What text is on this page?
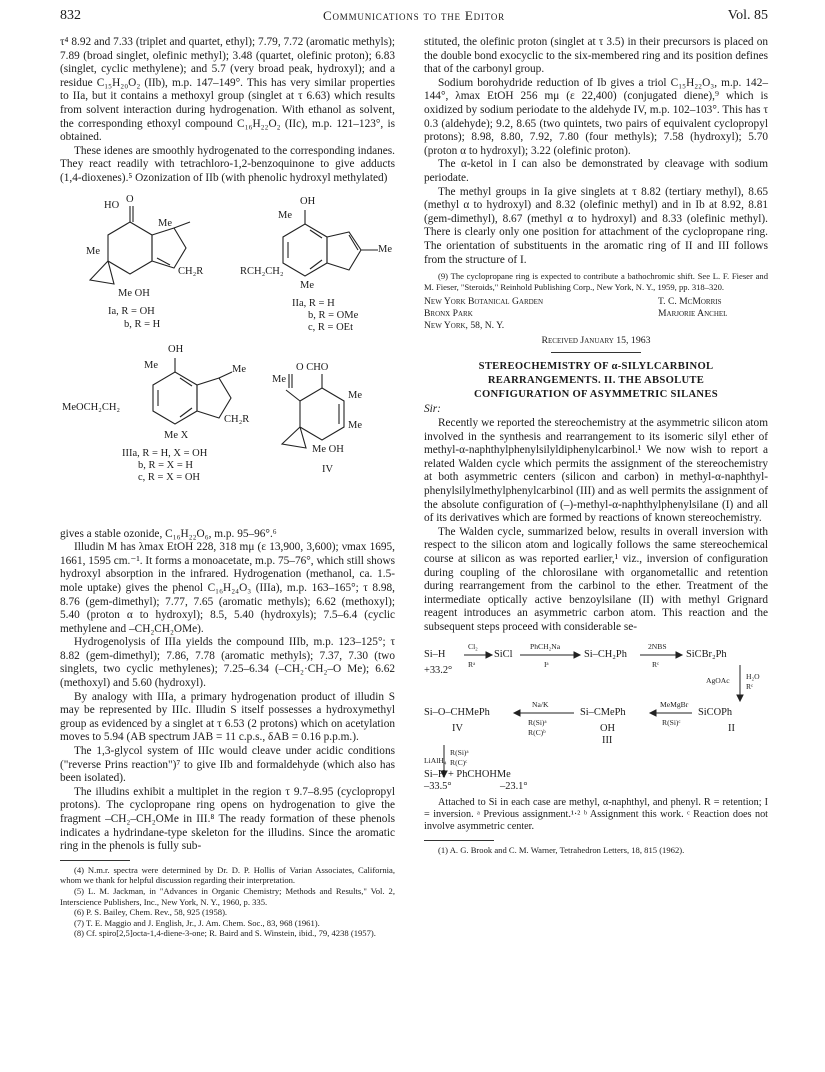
832	Communications to the Editor	Vol. 85

τ⁴ 8.92 and 7.33 (triplet and quartet, ethyl); 7.79, 7.72 (aromatic methyls); 7.89 (broad singlet, olefinic methyl); 3.48 (quartet, olefinic proton); 6.83 (singlet, cyclic methylene); and 5.7 (very broad peak, hydroxyl); and a residue C₁₅H₂₀O₂ (IIb), m.p. 147–149°. This has very similar properties to IIa, but it contains a methoxyl group (singlet at τ 6.63) which results from solvent interaction during hydrogenation. With ethanol as solvent, the corresponding ethoxyl compound C₁₆H₂₂O₂ (IIc), m.p. 121–123°, is obtained.

These idenes are smoothly hydrogenated to the corresponding indanes. They react readily with tetrachloro-1,2-benzoquinone to give adducts (1,4-dioxenes).⁵ Ozonization of IIb (with phenolic hydroxyl methylated)

HO
O
Me
Me
CH₂R
Me OH
Ia, R = OH
b, R = H
OH
Me
Me
RCH₂CH₂
Me
IIa, R = H
b, R = OMe
c, R = OEt
OH
Me	Me
MeOCH₂CH₂
CH₂R
Me X
IIIa, R = H, X = OH
b, R = X = H
c, R = X = OH
Me
O CHO
Me
Me
Me OH
IV

gives a stable ozonide, C₁₆H₂₂O₆, m.p. 95–96°.⁶

Illudin M has λmax EtOH 228, 318 mμ (ε 13,900, 3,600); νmax 1695, 1661, 1595 cm.⁻¹. It forms a monoacetate, m.p. 75–76°, which still shows hydroxyl absorption in the infrared. Hydrogenation (methanol, ca. 1.5-mole uptake) gives the phenol C₁₆H₂₄O₃ (IIIa), m.p. 163–165°; τ 8.98, 8.76 (gem-dimethyl); 7.77, 7.65 (aromatic methyls); 6.62 (methoxyl); 5.40 (proton α to hydroxyl); 8.5, 5.40 (hydroxyls); 7.5–6.4 (cyclic methylene and –CH₂CH₂OMe).

Hydrogenolysis of IIIa yields the compound IIIb, m.p. 123–125°; τ 8.82 (gem-dimethyl); 7.86, 7.78 (aromatic methyls); 7.37, 7.30 (two singlets, two cyclic methylenes); 7.25–6.34 (–CH₂·CH₂–O Me); 6.62 (methoxyl) and 5.60 (hydroxyl).

By analogy with IIIa, a primary hydrogenation product of illudin S may be represented by IIIc. Illudin S itself possesses a hydroxymethyl group as evidenced by a singlet at τ 6.53 (2 protons) which on acetylation moves to 5.94 (AB spectrum JAB = 11 c.p.s., δAB = 0.16 p.p.m.).

The 1,3-glycol system of IIIc would cleave under acidic conditions ("reverse Prins reaction")⁷ to give IIb and formaldehyde (which also has been isolated).

The illudins exhibit a multiplet in the region τ 9.7–8.95 (cyclopropyl protons). The cyclopropane ring opens on hydrogenation to give the fragment –CH₂–CH₂OMe in III.⁸ The ready formation of these phenols indicates a hydrindane-type skeleton for the illudins. Since the aromatic ring in the phenols is fully sub-

(4) N.m.r. spectra were determined by Dr. D. P. Hollis of Varian Associates, California, whom we thank for helpful discussion regarding their interpretation.

(5) L. M. Jackman, in "Advances in Organic Chemistry; Methods and Results," Vol. 2, Interscience Publishers, Inc., New York, N. Y., 1960, p. 335.

(6) P. S. Bailey, Chem. Rev., 58, 925 (1958).

(7) T. E. Maggio and J. English, Jr., J. Am. Chem. Soc., 83, 968 (1961).

(8) Cf. spiro[2,5]octa-1,4-diene-3-one; R. Baird and S. Winstein, ibid., 79, 4238 (1957).

stituted, the olefinic proton (singlet at τ 3.5) in their precursors is placed on the double bond exocyclic to the six-membered ring and its position defines that of the carbonyl group.

Sodium borohydride reduction of Ib gives a triol C₁₅H₂₂O₃, m.p. 142–144°, λmax EtOH 256 mμ (ε 22,400) (conjugated diene),⁹ which is oxidized by sodium periodate to the aldehyde IV, m.p. 102–103°. This has τ 0.3 (aldehyde); 9.2, 8.65 (two quintets, two pairs of equivalent cyclopropyl protons); 8.98, 8.80, 7.92, 7.80 (four methyls); 7.58 (hydroxyl); 5.70 (proton α to hydroxyl); 3.22 (olefinic proton).

The α-ketol in I can also be demonstrated by cleavage with sodium periodate.

The methyl groups in Ia give singlets at τ 8.82 (tertiary methyl), 8.65 (methyl α to hydroxyl) and 8.32 (olefinic methyl) and in Ib at 8.92, 8.81 (gem-dimethyl), 8.67 (methyl α to hydroxyl) and 8.33 (olefinic methyl). There is clearly only one position for attachment of the cyclopropane ring. The orientation of substituents in the aromatic ring of II and III follows from the structure of I.

(9) The cyclopropane ring is expected to contribute a bathochromic shift. See L. F. Fieser and M. Fieser, "Steroids," Reinhold Publishing Corp., New York, N. Y., 1959, pp. 318–320.

New York Botanical Garden
Bronx Park
New York, 58, N. Y.
T. C. McMorris
Marjorie Anchel
Received January 15, 1963
STEREOCHEMISTRY OF α-SILYLCARBINOL
REARRANGEMENTS. II. THE ABSOLUTE
CONFIGURATION OF ASYMMETRIC SILANES

Sir:

Recently we reported the stereochemistry at the asymmetric silicon atom involved in the synthesis and rearrangement to its isomeric silyl ether of methyl-α-naphthylphenylsilyldiphenylcarbinol.¹ We now wish to report a related Walden cycle which permits the assignment of the stereochemistry at both asymmetric centers (silicon and carbon) in methyl-α-naphthyl-phenylsilylmethylphenylcarbinol (III) and as well permits the assignment of the absolute configuration of (–)-methyl-α-naphthylphenylsilane (I) and all of its derivatives which are formed by reactions of known stereochemistry.

The Walden cycle, summarized below, results in overall inversion with respect to the silicon atom and logically follows the same stereochemical course at silicon as was reported earlier,¹ viz., inversion of configuration during coupling of the chlorosilane with organometallic and retention during rearrangement from the carbinol to the ether. Treatment of the intermediate optically active benzoylsilane (II) with methyl Grignard reagent introduces an asymmetric carbon atom. This reaction and the subsequent steps proceed with considerable se-

Si–H
Cl₂
SiCl
PhCH₂Na
Si–CH₂Ph
2NBS
SiCBr₂Ph
Rᵃ	Iᵃ	Rᶜ
+33.2°
AgOAc H₂O
Rᶜ
Si–O–CHMePh
Na/K
R(Si)ᵃ
R(C)ᵇ
Si–CMePh
MeMgBr
R(Si)ᶜ
SiCOPh
IV	OH
III
II
LiAlH₄
R(Si)ᵃ
R(C)ᶜ
Si–H + PhCHOHMe
–33.5°	–23.1°

Attached to Si in each case are methyl, α-naphthyl, and phenyl. R = retention; I = inversion. ᵃ Previous assignment.¹·² ᵇ Assignment this work. ᶜ Reaction does not involve asymmetric center.

(1) A. G. Brook and C. M. Warner, Tetrahedron Letters, 18, 815 (1962).
